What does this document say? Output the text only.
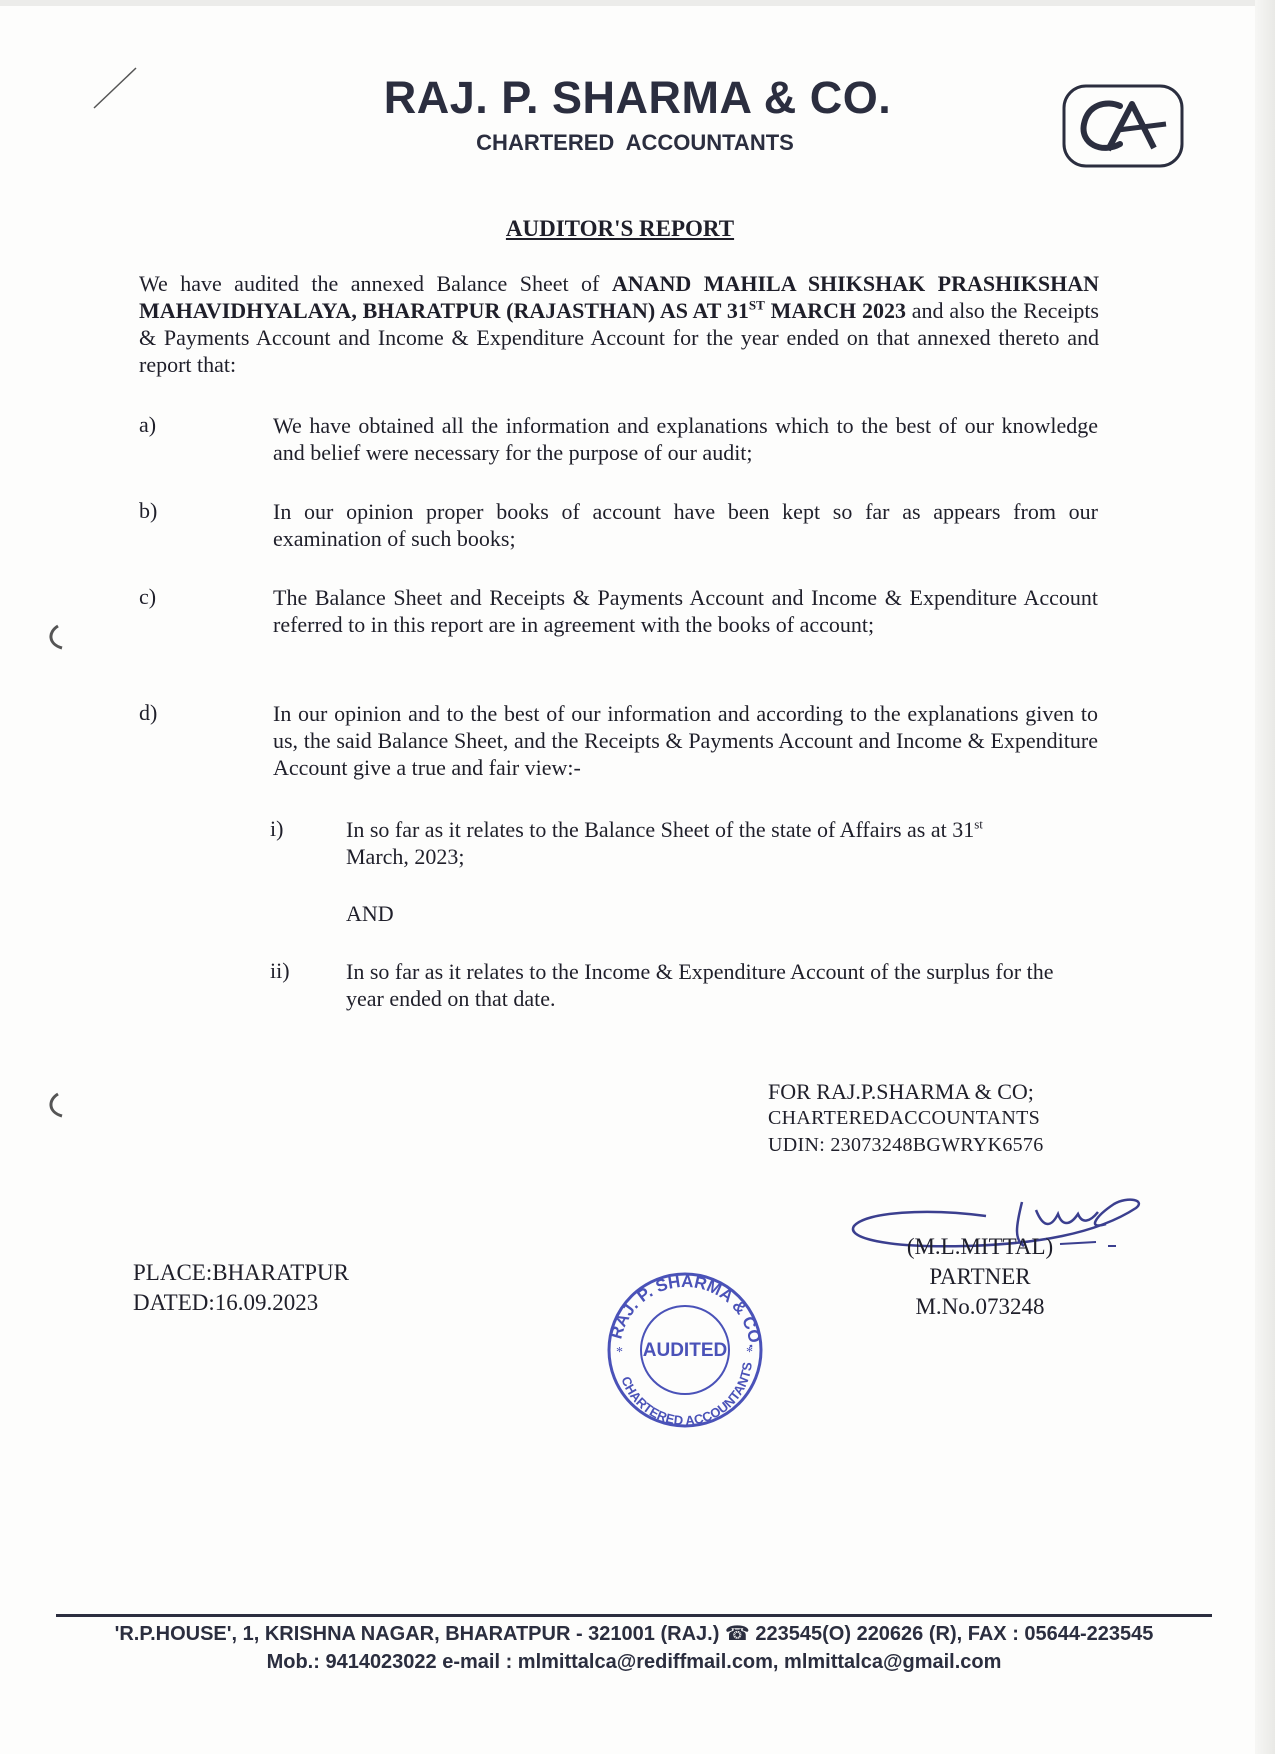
RAJ. P. SHARMA & CO.
CHARTERED ACCOUNTANTS
AUDITOR'S REPORT
We have audited the annexed Balance Sheet of ANAND MAHILA SHIKSHAK PRASHIKSHAN MAHAVIDHYALAYA, BHARATPUR (RAJASTHAN) AS AT 31ST MARCH 2023 and also the Receipts & Payments Account and Income & Expenditure Account for the year ended on that annexed thereto and report that:
a)	We have obtained all the information and explanations which to the best of our knowledge and belief were necessary for the purpose of our audit;
b)	In our opinion proper books of account have been kept so far as appears from our examination of such books;
c)	The Balance Sheet and Receipts & Payments Account and Income & Expenditure Account referred to in this report are in agreement with the books of account;
d)	In our opinion and to the best of our information and according to the explanations given to us, the said Balance Sheet, and the Receipts & Payments Account and Income & Expenditure Account give a true and fair view:-
i)	In so far as it relates to the Balance Sheet of the state of Affairs as at 31st
March, 2023;
AND
ii)	In so far as it relates to the Income & Expenditure Account of the surplus for the year ended on that date.
FOR RAJ.P.SHARMA & CO;
CHARTEREDACCOUNTANTS
UDIN: 23073248BGWRYK6576
(M.L.MITTAL)
PARTNER
M.No.073248
PLACE:BHARATPUR
DATED:16.09.2023
RAJ. P. SHARMA & CO.
CHARTERED ACCOUNTANTS
AUDITED
*	*
'R.P.HOUSE', 1, KRISHNA NAGAR, BHARATPUR - 321001 (RAJ.) ☎ 223545(O) 220626 (R), FAX : 05644-223545
Mob.: 9414023022 e-mail : mlmittalca@rediffmail.com, mlmittalca@gmail.com
